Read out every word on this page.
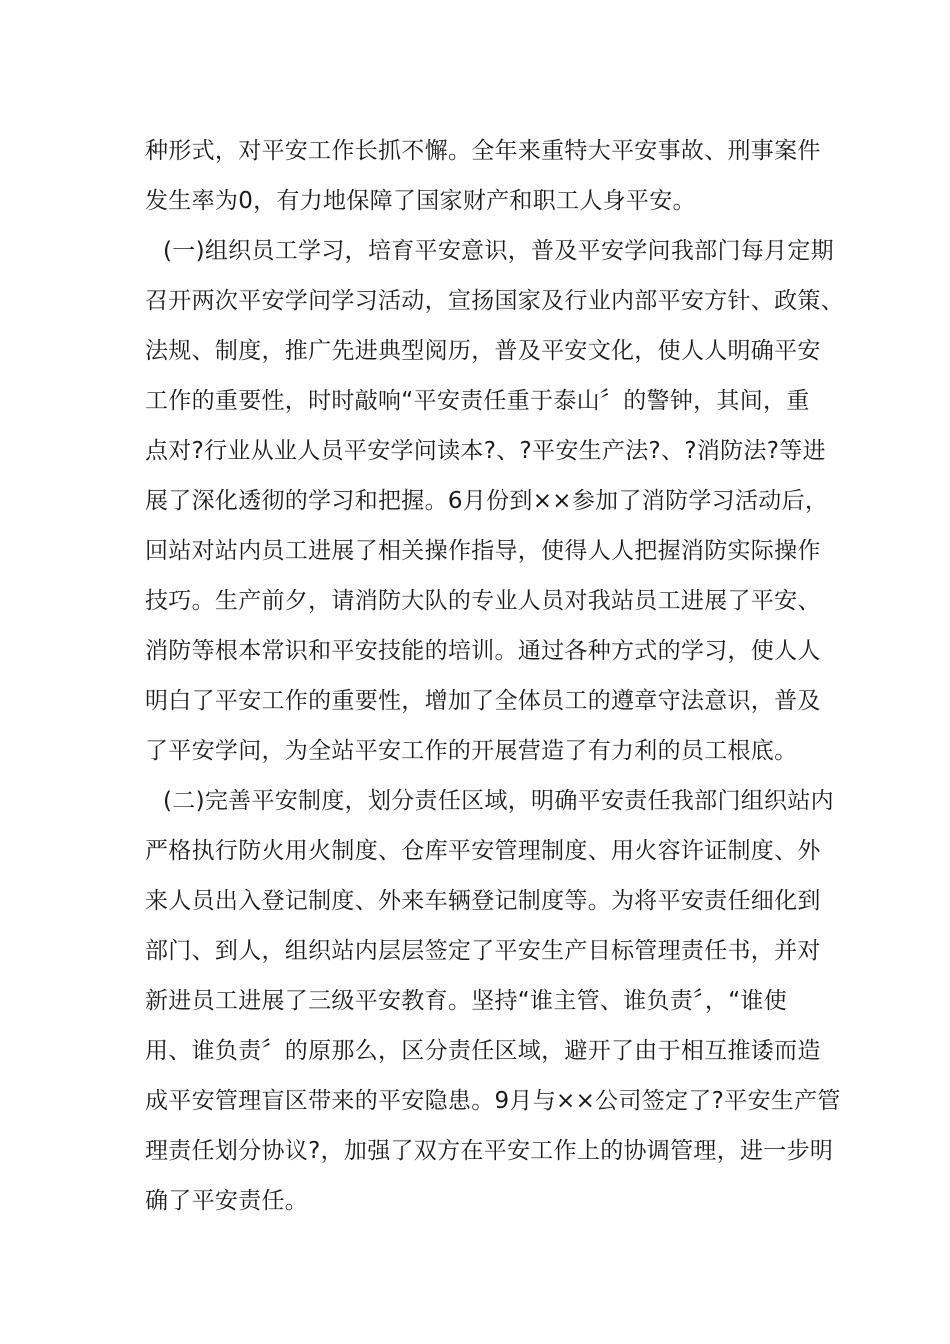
种形式，对平安工作长抓不懈。全年来重特大平安事故、刑事案件
发生率为0，有力地保障了国家财产和职工人身平安。
(一)组织员工学习，培育平安意识，普及平安学问我部门每月定期
召开两次平安学问学习活动，宣扬国家及行业内部平安方针、政策、
法规、制度，推广先进典型阅历，普及平安文化，使人人明确平安
工作的重要性，时时敲响“平安责任重于泰山〞的警钟，其间，重
点对?行业从业人员平安学问读本?、?平安生产法?、?消防法?等进
展了深化透彻的学习和把握。6月份到××参加了消防学习活动后，
回站对站内员工进展了相关操作指导，使得人人把握消防实际操作
技巧。生产前夕，请消防大队的专业人员对我站员工进展了平安、
消防等根本常识和平安技能的培训。通过各种方式的学习，使人人
明白了平安工作的重要性，增加了全体员工的遵章守法意识，普及
了平安学问，为全站平安工作的开展营造了有力利的员工根底。
(二)完善平安制度，划分责任区域，明确平安责任我部门组织站内
严格执行防火用火制度、仓库平安管理制度、用火容许证制度、外
来人员出入登记制度、外来车辆登记制度等。为将平安责任细化到
部门、到人，组织站内层层签定了平安生产目标管理责任书，并对
新进员工进展了三级平安教育。坚持“谁主管、谁负责〞，“谁使
用、谁负责〞的原那么，区分责任区域，避开了由于相互推诿而造
成平安管理盲区带来的平安隐患。9月与××公司签定了?平安生产管
理责任划分协议?，加强了双方在平安工作上的协调管理，进一步明
确了平安责任。
